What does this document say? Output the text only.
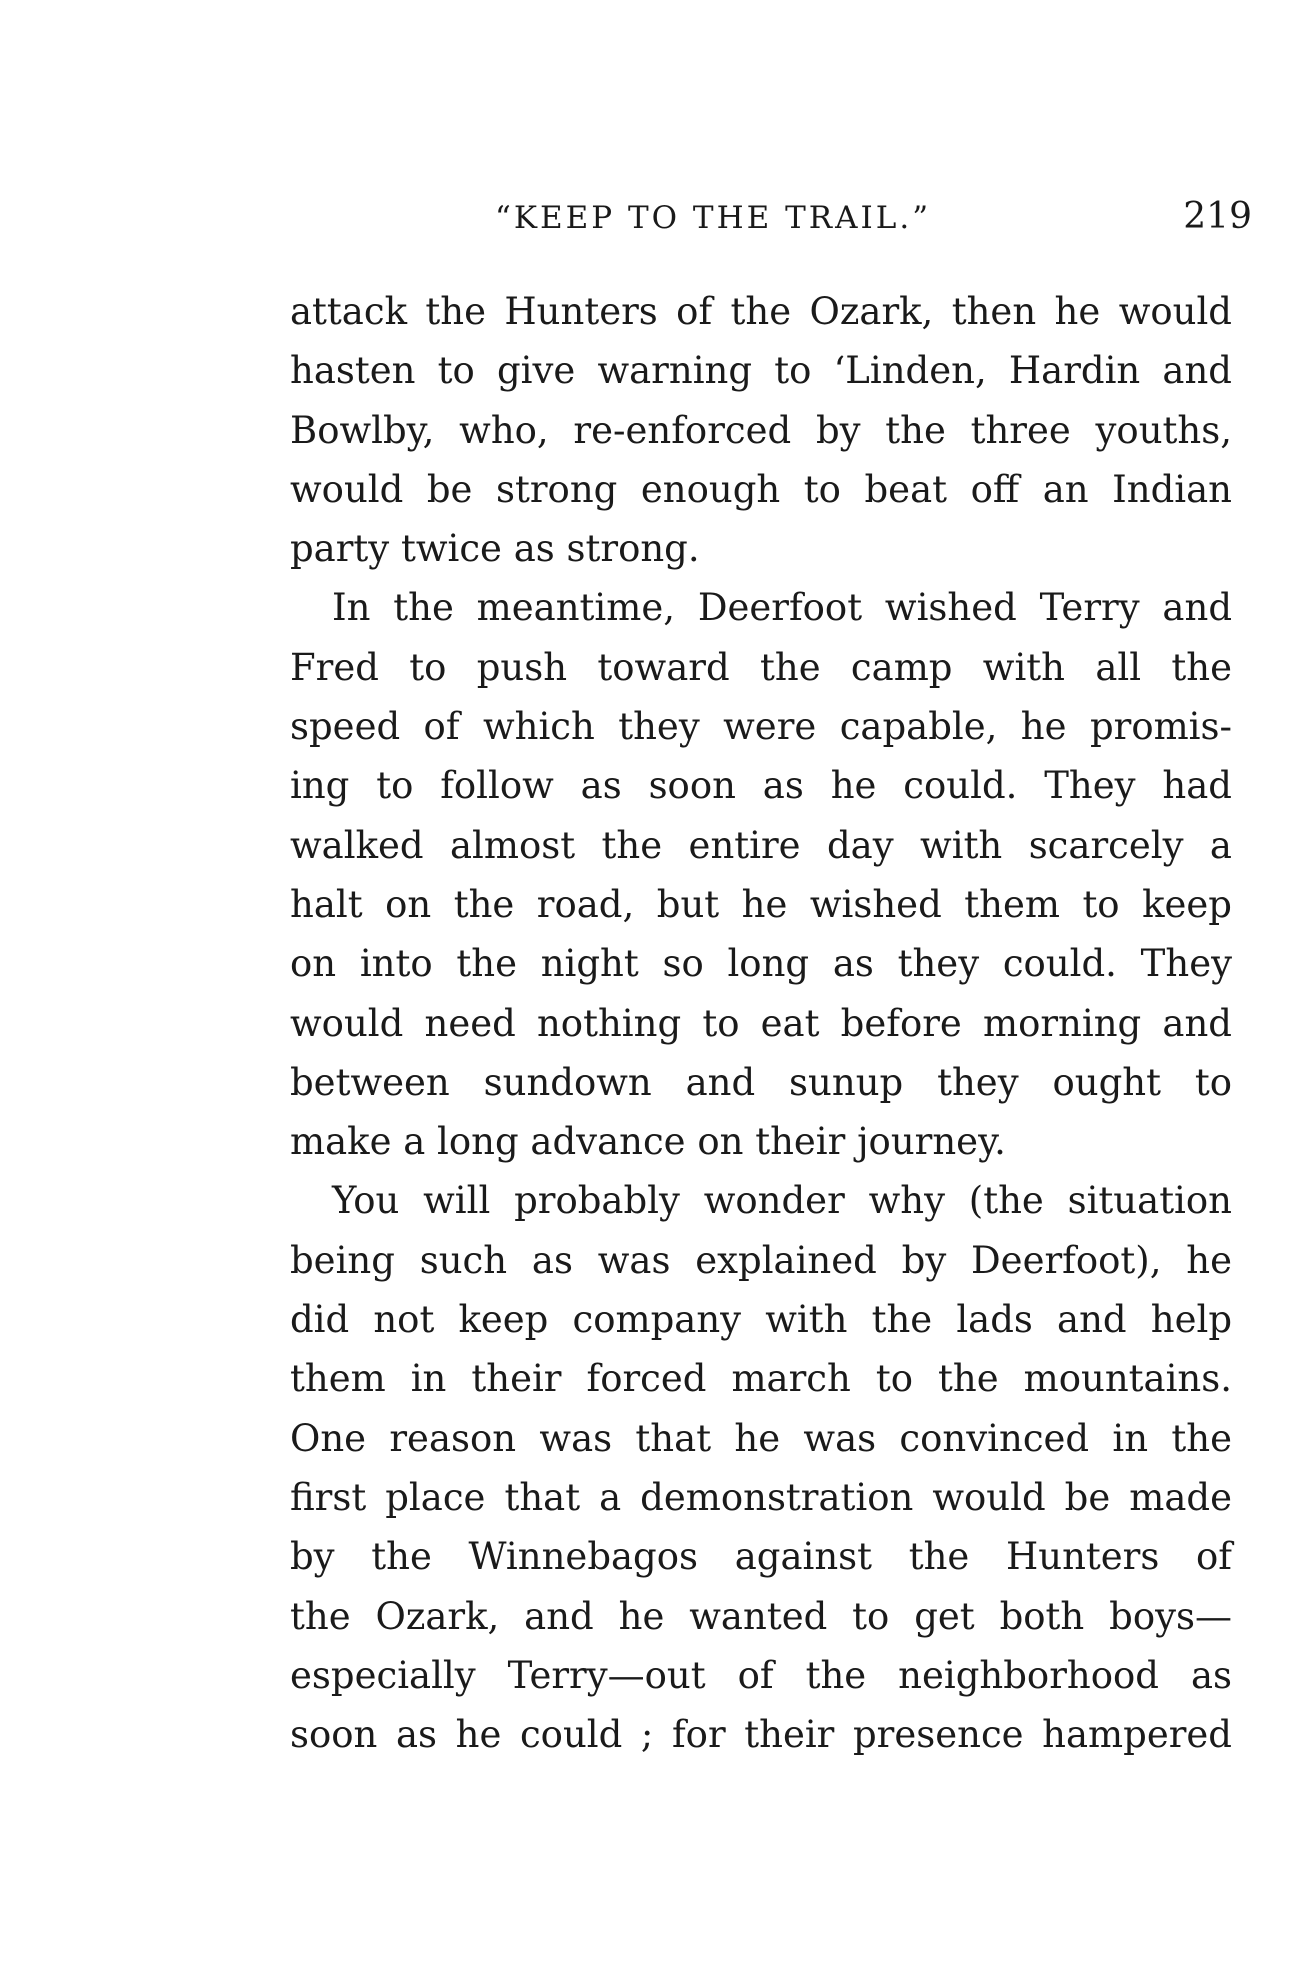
“KEEP TO THE TRAIL.”	219
attack the Hunters of the Ozark, then he would
hasten to give warning to ‘Linden, Hardin and
Bowlby, who, re-enforced by the three youths,
would be strong enough to beat off an Indian
party twice as strong.
In the meantime, Deerfoot wished Terry and
Fred to push toward the camp with all the
speed of which they were capable, he promis-
ing to follow as soon as he could. They had
walked almost the entire day with scarcely a
halt on the road, but he wished them to keep
on into the night so long as they could. They
would need nothing to eat before morning and
between sundown and sunup they ought to
make a long advance on their journey.
You will probably wonder why (the situation
being such as was explained by Deerfoot), he
did not keep company with the lads and help
them in their forced march to the mountains.
One reason was that he was convinced in the
first place that a demonstration would be made
by the Winnebagos against the Hunters of
the Ozark, and he wanted to get both boys—
especially Terry—out of the neighborhood as
soon as he could ; for their presence hampered
